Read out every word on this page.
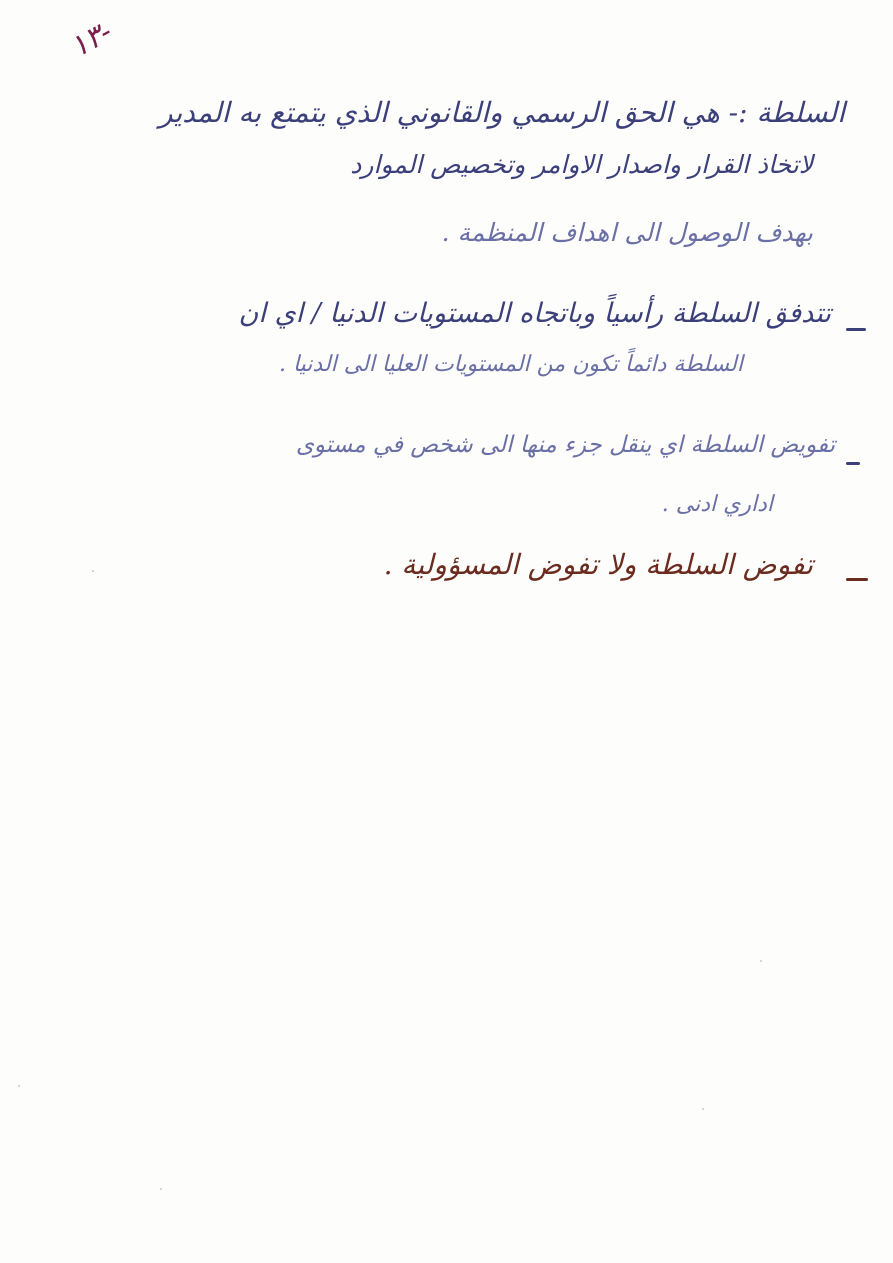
١٣-
السلطة :- هي الحق الرسمي والقانوني الذي يتمتع به المدير
لاتخاذ القرار واصدار الاوامر وتخصيص الموارد
بهدف الوصول الى اهداف المنظمة .
تتدفق السلطة رأسياً وباتجاه المستويات الدنيا / اي ان
السلطة دائماً تكون من المستويات العليا الى الدنيا .
تفويض السلطة اي ينقل جزء منها الى شخص في مستوى
اداري ادنى .
تفوض السلطة ولا تفوض المسؤولية .
